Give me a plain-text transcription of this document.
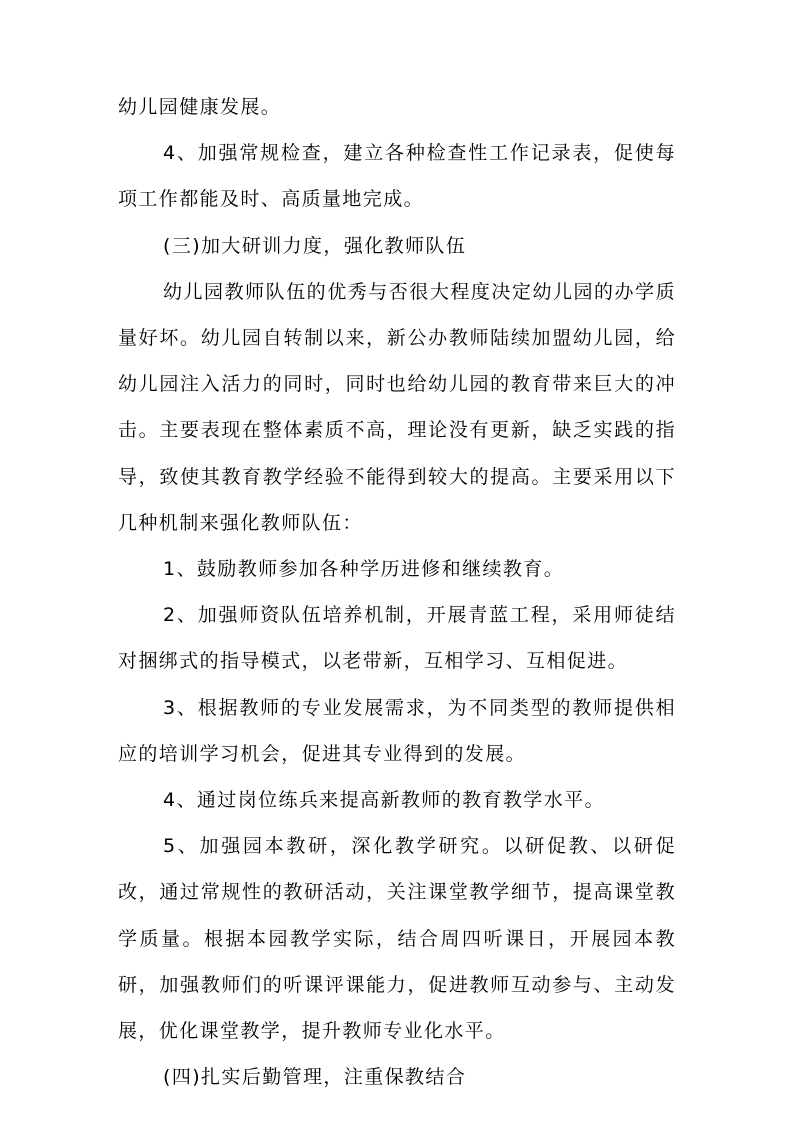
幼儿园健康发展。

4、加强常规检查，建立各种检查性工作记录表，促使每项工作都能及时、高质量地完成。

(三)加大研训力度，强化教师队伍

幼儿园教师队伍的优秀与否很大程度决定幼儿园的办学质量好坏。幼儿园自转制以来，新公办教师陆续加盟幼儿园，给幼儿园注入活力的同时，同时也给幼儿园的教育带来巨大的冲击。主要表现在整体素质不高，理论没有更新，缺乏实践的指导，致使其教育教学经验不能得到较大的提高。主要采用以下几种机制来强化教师队伍：

1、鼓励教师参加各种学历进修和继续教育。

2、加强师资队伍培养机制，开展青蓝工程，采用师徒结对捆绑式的指导模式，以老带新，互相学习、互相促进。

3、根据教师的专业发展需求，为不同类型的教师提供相应的培训学习机会，促进其专业得到的发展。

4、通过岗位练兵来提高新教师的教育教学水平。

5、加强园本教研，深化教学研究。以研促教、以研促改，通过常规性的教研活动，关注课堂教学细节，提高课堂教学质量。根据本园教学实际，结合周四听课日，开展园本教研，加强教师们的听课评课能力，促进教师互动参与、主动发展，优化课堂教学，提升教师专业化水平。

(四)扎实后勤管理，注重保教结合
